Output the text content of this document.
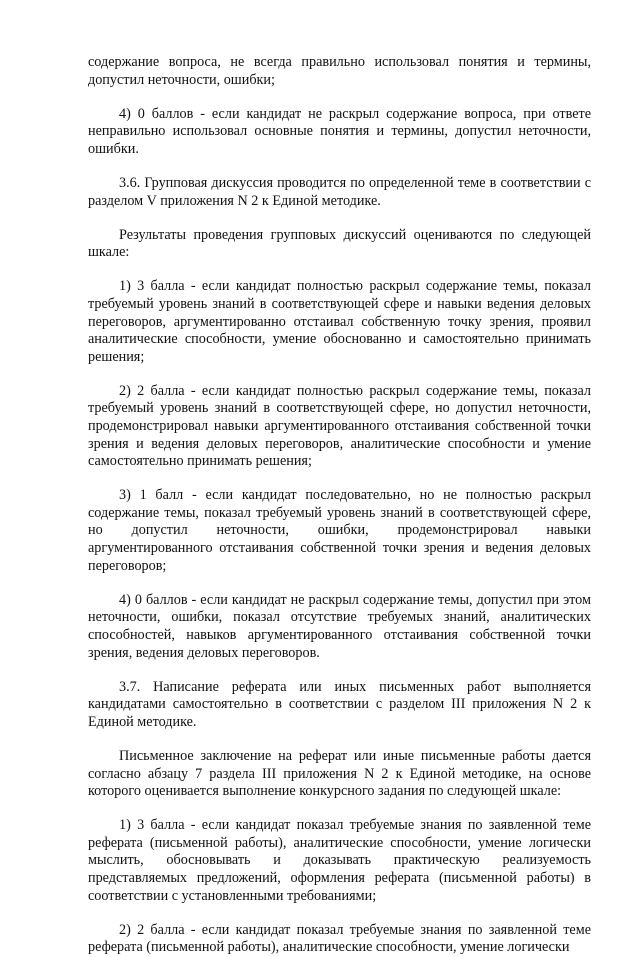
содержание вопроса, не всегда правильно использовал понятия и термины, допустил неточности, ошибки;

4) 0 баллов - если кандидат не раскрыл содержание вопроса, при ответе неправильно использовал основные понятия и термины, допустил неточности, ошибки.

3.6. Групповая дискуссия проводится по определенной теме в соответствии с разделом V приложения N 2 к Единой методике.

Результаты проведения групповых дискуссий оцениваются по следующей шкале:

1) 3 балла - если кандидат полностью раскрыл содержание темы, показал требуемый уровень знаний в соответствующей сфере и навыки ведения деловых переговоров, аргументированно отстаивал собственную точку зрения, проявил аналитические способности, умение обоснованно и самостоятельно принимать решения;

2) 2 балла - если кандидат полностью раскрыл содержание темы, показал требуемый уровень знаний в соответствующей сфере, но допустил неточности, продемонстрировал навыки аргументированного отстаивания собственной точки зрения и ведения деловых переговоров, аналитические способности и умение самостоятельно принимать решения;

3) 1 балл - если кандидат последовательно, но не полностью раскрыл содержание темы, показал требуемый уровень знаний в соответствующей сфере, но допустил неточности, ошибки, продемонстрировал навыки аргументированного отстаивания собственной точки зрения и ведения деловых переговоров;

4) 0 баллов - если кандидат не раскрыл содержание темы, допустил при этом неточности, ошибки, показал отсутствие требуемых знаний, аналитических способностей, навыков аргументированного отстаивания собственной точки зрения, ведения деловых переговоров.

3.7. Написание реферата или иных письменных работ выполняется кандидатами самостоятельно в соответствии с разделом III приложения N 2 к Единой методике.

Письменное заключение на реферат или иные письменные работы дается согласно абзацу 7 раздела III приложения N 2 к Единой методике, на основе которого оценивается выполнение конкурсного задания по следующей шкале:

1) 3 балла - если кандидат показал требуемые знания по заявленной теме реферата (письменной работы), аналитические способности, умение логически мыслить, обосновывать и доказывать практическую реализуемость представляемых предложений, оформления реферата (письменной работы) в соответствии с установленными требованиями;

2) 2 балла - если кандидат показал требуемые знания по заявленной теме реферата (письменной работы), аналитические способности, умение логически
